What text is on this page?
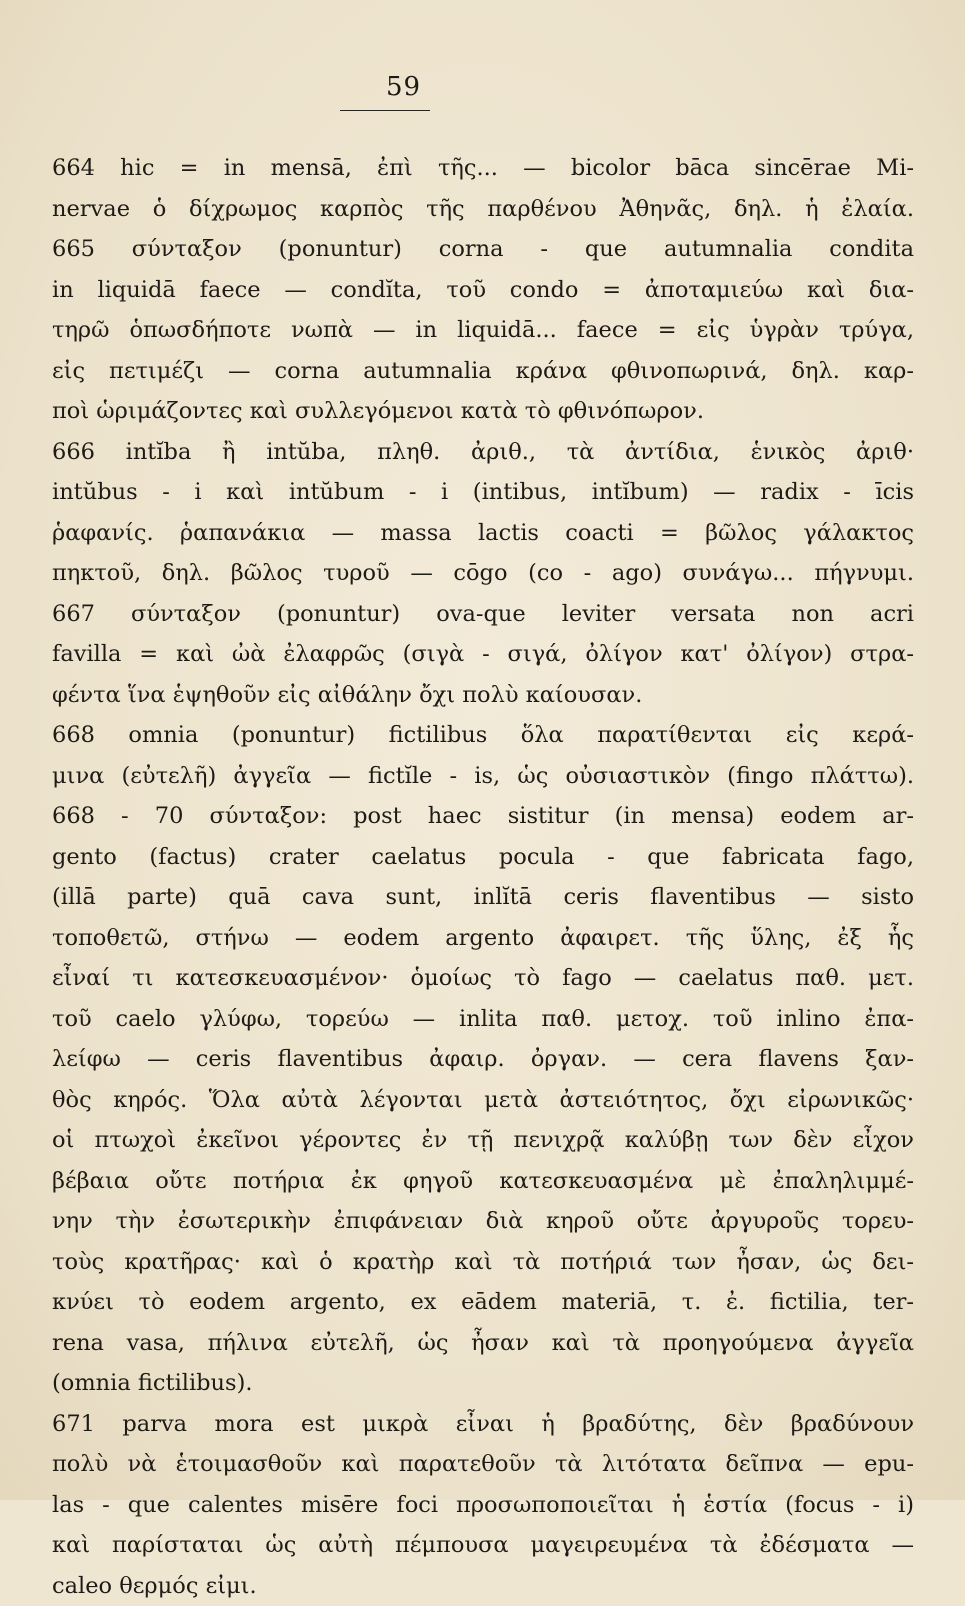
59
664 hic = in mensā, ἐπὶ τῆς... — bicolor bāca sincērae Mi-
nervae ὁ δίχρωμος καρπὸς τῆς παρθένου Ἀθηνᾶς, δηλ. ἡ ἐλαία.
665 σύνταξον (ponuntur) corna - que autumnalia condita
in liquidā faece — condĭta, τοῦ condo = ἀποταμιεύω καὶ δια-
τηρῶ ὁπωσδήποτε νωπὰ — in liquidā... faece = εἰς ὑγρὰν τρύγα,
εἰς πετιμέζι — corna autumnalia κράνα φθινοπωρινά, δηλ. καρ-
ποὶ ὡριμάζοντες καὶ συλλεγόμενοι κατὰ τὸ φθινόπωρον.
666 intĭba ἢ intŭba, πληθ. ἀριθ., τὰ ἀντίδια, ἑνικὸς ἀριθ·
intŭbus - i καὶ intŭbum - i (intibus, intĭbum) — radix - īcis
ῥαφανίς. ῥαπανάκια — massa lactis coacti = βῶλος γάλακτος
πηκτοῦ, δηλ. βῶλος τυροῦ — cōgo (co - ago) συνάγω... πήγνυμι.
667 σύνταξον (ponuntur) ova-que leviter versata non acri
favilla = καὶ ὠὰ ἐλαφρῶς (σιγὰ - σιγά, ὀλίγον κατ' ὀλίγον) στρα-
φέντα ἵνα ἑψηθοῦν εἰς αἰθάλην ὄχι πολὺ καίουσαν.
668 omnia (ponuntur) fictilibus ὅλα παρατίθενται εἰς κερά-
μινα (εὐτελῆ) ἀγγεῖα — fictĭle - is, ὡς οὐσιαστικὸν (fingo πλάττω).
668 - 70 σύνταξον: post haec sistitur (in mensa) eodem ar-
gento (factus) crater caelatus pocula - que fabricata fago,
(illā parte) quā cava sunt, inlĭtā ceris flaventibus — sisto
τοποθετῶ, στήνω — eodem argento ἀφαιρετ. τῆς ὕλης, ἐξ ἧς
εἶναί τι κατεσκευασμένον· ὁμοίως τὸ fago — caelatus παθ. μετ.
τοῦ caelo γλύφω, τορεύω — inlita παθ. μετοχ. τοῦ inlino ἐπα-
λείφω — ceris flaventibus ἀφαιρ. ὀργαν. — cera flavens ξαν-
θὸς κηρός. Ὅλα αὐτὰ λέγονται μετὰ ἀστειότητος, ὄχι εἰρωνικῶς·
οἱ πτωχοὶ ἐκεῖνοι γέροντες ἐν τῇ πενιχρᾷ καλύβῃ των δὲν εἶχον
βέβαια οὔτε ποτήρια ἐκ φηγοῦ κατεσκευασμένα μὲ ἐπαληλιμμέ-
νην τὴν ἐσωτερικὴν ἐπιφάνειαν διὰ κηροῦ οὔτε ἀργυροῦς τορευ-
τοὺς κρατῆρας· καὶ ὁ κρατὴρ καὶ τὰ ποτήριά των ἦσαν, ὡς δει-
κνύει τὸ eodem argento, ex eādem materiā, τ. ἐ. fictilia, ter-
rena vasa, πήλινα εὐτελῆ, ὡς ἦσαν καὶ τὰ προηγούμενα ἀγγεῖα
(omnia fictilibus).
671 parva mora est μικρὰ εἶναι ἡ βραδύτης, δὲν βραδύνουν
πολὺ νὰ ἑτοιμασθοῦν καὶ παρατεθοῦν τὰ λιτότατα δεῖπνα — epu-
las - que calentes misēre foci προσωποποιεῖται ἡ ἑστία (focus - i)
καὶ παρίσταται ὡς αὐτὴ πέμπουσα μαγειρευμένα τὰ ἐδέσματα —
caleo θερμός εἰμι.
